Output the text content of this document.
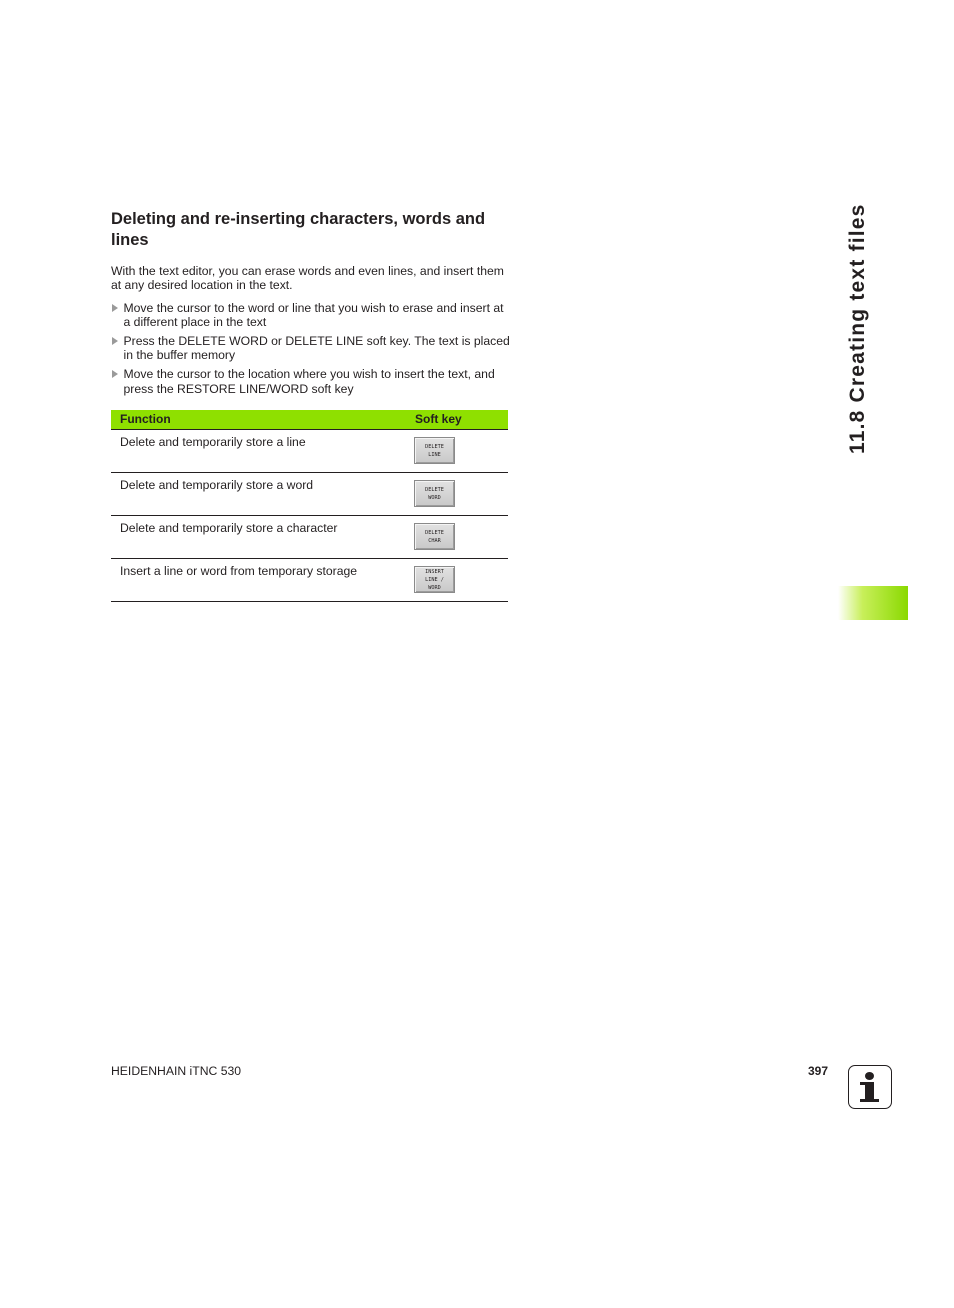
Deleting and re-inserting characters, words and lines

With the text editor, you can erase words and even lines, and insert them at any desired location in the text.

Move the cursor to the word or line that you wish to erase and insert at a different place in the text
Press the DELETE WORD or DELETE LINE soft key. The text is placed in the buffer memory
Move the cursor to the location where you wish to insert the text, and press the RESTORE LINE/WORD soft key
Function	Soft key
Delete and temporarily store a line	DELETE
LINE
Delete and temporarily store a word	DELETE
WORD
Delete and temporarily store a character	DELETE
CHAR
Insert a line or word from temporary storage	INSERT
LINE /
WORD
11.8 Creating text files
HEIDENHAIN iTNC 530	397
